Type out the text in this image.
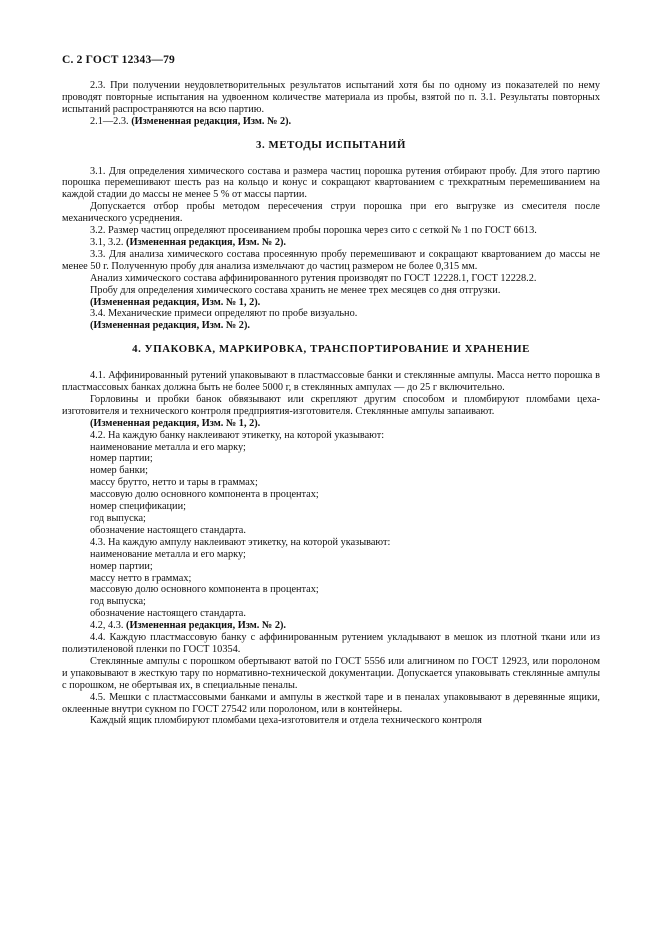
С. 2 ГОСТ 12343—79
2.3. При получении неудовлетворительных результатов испытаний хотя бы по одному из показателей по нему проводят повторные испытания на удвоенном количестве материала из пробы, взятой по п. 3.1. Результаты повторных испытаний распространяются на всю партию.
2.1—2.3. (Измененная редакция, Изм. № 2).
3. МЕТОДЫ ИСПЫТАНИЙ
3.1. Для определения химического состава и размера частиц порошка рутения отбирают пробу. Для этого партию порошка перемешивают шесть раз на кольцо и конус и сокращают квартованием с трехкратным перемешиванием на каждой стадии до массы не менее 5 % от массы партии.
Допускается отбор пробы методом пересечения струи порошка при его выгрузке из смесителя после механического усреднения.
3.2. Размер частиц определяют просеиванием пробы порошка через сито с сеткой № 1 по ГОСТ 6613.
3.1, 3.2. (Измененная редакция, Изм. № 2).
3.3. Для анализа химического состава просеянную пробу перемешивают и сокращают квартованием до массы не менее 50 г. Полученную пробу для анализа измельчают до частиц размером не более 0,315 мм.
Анализ химического состава аффинированного рутения производят по ГОСТ 12228.1, ГОСТ 12228.2.
Пробу для определения химического состава хранить не менее трех месяцев со дня отгрузки.
(Измененная редакция, Изм. № 1, 2).
3.4. Механические примеси определяют по пробе визуально.
(Измененная редакция, Изм. № 2).
4. УПАКОВКА, МАРКИРОВКА, ТРАНСПОРТИРОВАНИЕ И ХРАНЕНИЕ
4.1. Аффинированный рутений упаковывают в пластмассовые банки и стеклянные ампулы. Масса нетто порошка в пластмассовых банках должна быть не более 5000 г, в стеклянных ампулах — до 25 г включительно.
Горловины и пробки банок обвязывают или скрепляют другим способом и пломбируют пломбами цеха-изготовителя и технического контроля предприятия-изготовителя. Стеклянные ампулы запаивают.
(Измененная редакция, Изм. № 1, 2).
4.2. На каждую банку наклеивают этикетку, на которой указывают:
наименование металла и его марку;
номер партии;
номер банки;
массу брутто, нетто и тары в граммах;
массовую долю основного компонента в процентах;
номер спецификации;
год выпуска;
обозначение настоящего стандарта.
4.3. На каждую ампулу наклеивают этикетку, на которой указывают:
наименование металла и его марку;
номер партии;
массу нетто в граммах;
массовую долю основного компонента в процентах;
год выпуска;
обозначение настоящего стандарта.
4.2, 4.3. (Измененная редакция, Изм. № 2).
4.4. Каждую пластмассовую банку с аффинированным рутением укладывают в мешок из плотной ткани или из полиэтиленовой пленки по ГОСТ 10354.
Стеклянные ампулы с порошком обертывают ватой по ГОСТ 5556 или алигнином по ГОСТ 12923, или поролоном и упаковывают в жесткую тару по нормативно-технической документации. Допускается упаковывать стеклянные ампулы с порошком, не обертывая их, в специальные пеналы.
4.5. Мешки с пластмассовыми банками и ампулы в жесткой таре и в пеналах упаковывают в деревянные ящики, оклеенные внутри сукном по ГОСТ 27542 или поролоном, или в контейнеры.
Каждый ящик пломбируют пломбами цеха-изготовителя и отдела технического контроля
